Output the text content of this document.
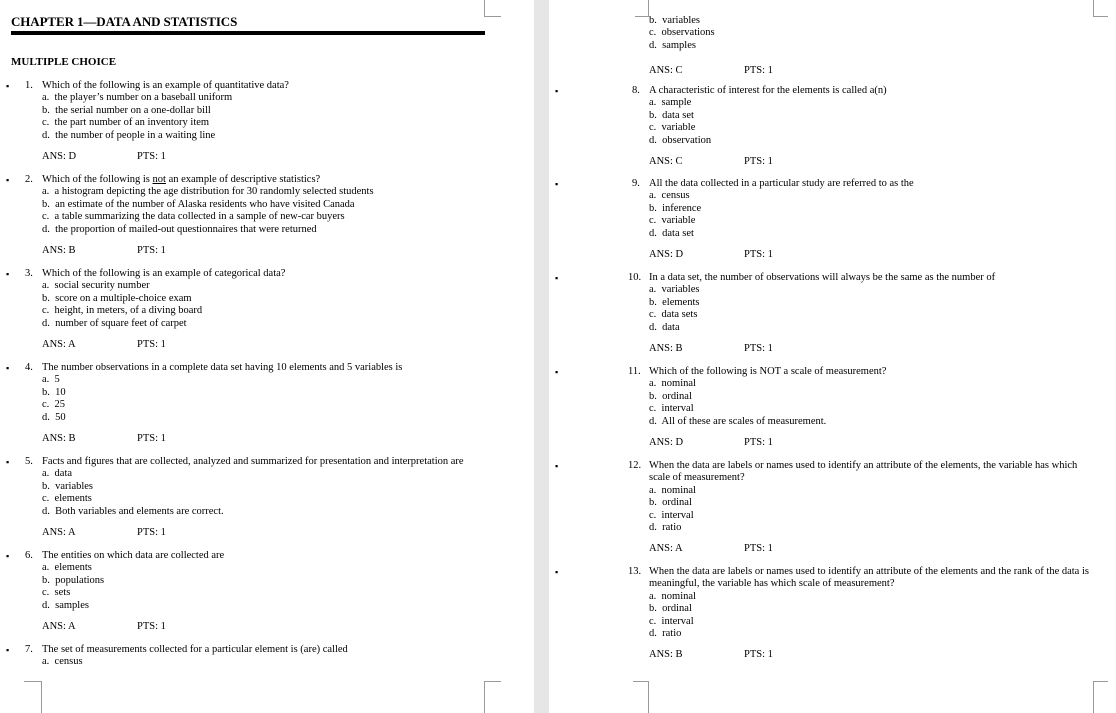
CHAPTER 1—DATA AND STATISTICS
MULTIPLE CHOICE
▪ 1. Which of the following is an example of quantitative data?
a. the player’s number on a baseball uniform
b. the serial number on a one-dollar bill
c. the part number of an inventory item
d. the number of people in a waiting line
ANS: D	PTS: 1
▪ 2. Which of the following is not an example of descriptive statistics?
a. a histogram depicting the age distribution for 30 randomly selected students
b. an estimate of the number of Alaska residents who have visited Canada
c. a table summarizing the data collected in a sample of new-car buyers
d. the proportion of mailed-out questionnaires that were returned
ANS: B	PTS: 1
▪ 3. Which of the following is an example of categorical data?
a. social security number
b. score on a multiple-choice exam
c. height, in meters, of a diving board
d. number of square feet of carpet
ANS: A	PTS: 1
▪ 4. The number observations in a complete data set having 10 elements and 5 variables is
a. 5
b. 10
c. 25
d. 50
ANS: B	PTS: 1
▪ 5. Facts and figures that are collected, analyzed and summarized for presentation and interpretation are
a. data
b. variables
c. elements
d. Both variables and elements are correct.
ANS: A	PTS: 1
▪ 6. The entities on which data are collected are
a. elements
b. populations
c. sets
d. samples
ANS: A	PTS: 1
▪ 7. The set of measurements collected for a particular element is (are) called
a. census
b. variables
c. observations
d. samples
ANS: C	PTS: 1
▪	8. A characteristic of interest for the elements is called a(n)
a. sample
b. data set
c. variable
d. observation
ANS: C	PTS: 1
▪	9. All the data collected in a particular study are referred to as the
a. census
b. inference
c. variable
d. data set
ANS: D	PTS: 1
▪	10. In a data set, the number of observations will always be the same as the number of
a. variables
b. elements
c. data sets
d. data
ANS: B	PTS: 1
▪	11. Which of the following is NOT a scale of measurement?
a. nominal
b. ordinal
c. interval
d. All of these are scales of measurement.
ANS: D	PTS: 1
▪	12. When the data are labels or names used to identify an attribute of the elements, the variable has which scale of measurement?
a. nominal
b. ordinal
c. interval
d. ratio
ANS: A	PTS: 1
▪	13. When the data are labels or names used to identify an attribute of the elements and the rank of the data is meaningful, the variable has which scale of measurement?
a. nominal
b. ordinal
c. interval
d. ratio
ANS: B	PTS: 1
